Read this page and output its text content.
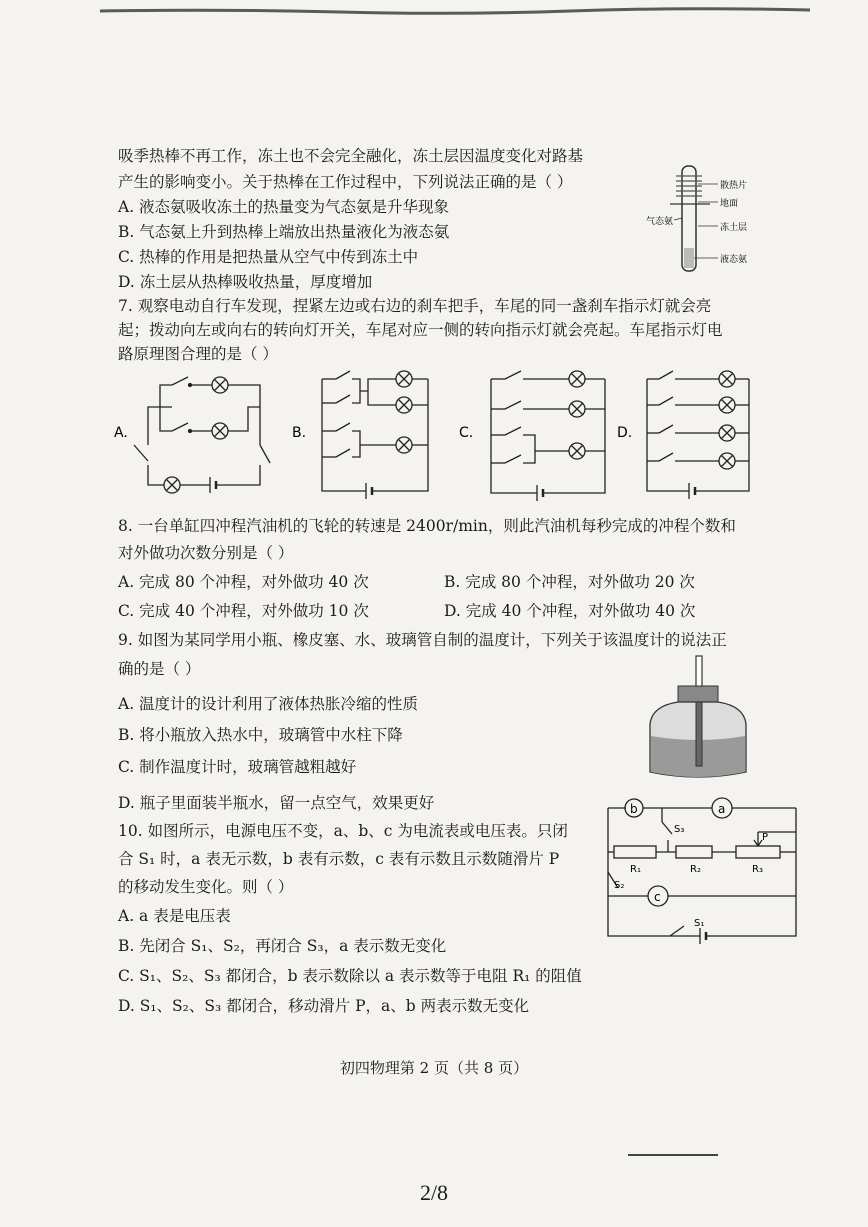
吸季热棒不再工作，冻土也不会完全融化，冻土层因温度变化对路基
产生的影响变小。关于热棒在工作过程中，下列说法正确的是（ ）
A. 液态氨吸收冻土的热量变为气态氨是升华现象
B. 气态氨上升到热棒上端放出热量液化为液态氨
C. 热棒的作用是把热量从空气中传到冻土中
D. 冻土层从热棒吸收热量，厚度增加
散热片
地面
气态氨
冻土层
液态氨
7. 观察电动自行车发现，捏紧左边或右边的刹车把手，车尾的同一盏刹车指示灯就会亮
起；拨动向左或向右的转向灯开关，车尾对应一侧的转向指示灯就会亮起。车尾指示灯电
路原理图合理的是（ ）
A.	B.	C.	D.
8. 一台单缸四冲程汽油机的飞轮的转速是 2400r/min，则此汽油机每秒完成的冲程个数和
对外做功次数分别是（ ）
A. 完成 80 个冲程，对外做功 40 次	B. 完成 80 个冲程，对外做功 20 次
C. 完成 40 个冲程，对外做功 10 次	D. 完成 40 个冲程，对外做功 40 次
9. 如图为某同学用小瓶、橡皮塞、水、玻璃管自制的温度计，下列关于该温度计的说法正
确的是（ ）
A. 温度计的设计利用了液体热胀冷缩的性质
B. 将小瓶放入热水中，玻璃管中水柱下降
C. 制作温度计时，玻璃管越粗越好
D. 瓶子里面装半瓶水，留一点空气，效果更好
10. 如图所示，电源电压不变，a、b、c 为电流表或电压表。只闭
合 S₁ 时，a 表无示数，b 表有示数，c 表有示数且示数随滑片 P
的移动发生变化。则（ ）
A. a 表是电压表
B. 先闭合 S₁、S₂，再闭合 S₃，a 表示数无变化
C. S₁、S₂、S₃ 都闭合，b 表示数除以 a 表示数等于电阻 R₁ 的阻值
D. S₁、S₂、S₃ 都闭合，移动滑片 P，a、b 两表示数无变化
b	a
c
S₃
S₂
S₁
R₁	R₂	R₃
P
初四物理第 2 页（共 8 页）
2/8
